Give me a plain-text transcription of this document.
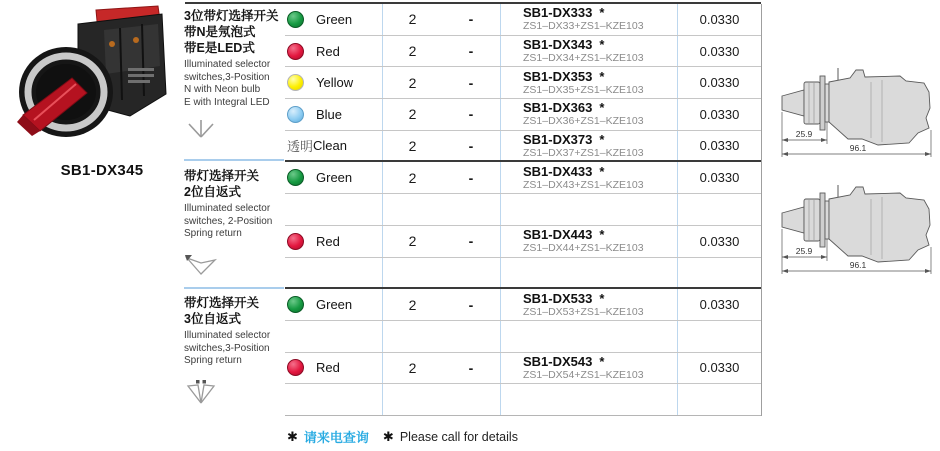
SB1-DX345
3位带灯选择开关
带N是氖泡式
带E是LED式
Illuminated selector
switches,3-Position
N with Neon bulb
E with Integral LED
带灯选择开关
2位自返式
Illuminated selector
switches, 2-Position
Spring return
带灯选择开关
3位自返式
Illuminated selector
switches,3-Position
Spring return
Green	2	-	SB1-DX333 *
ZS1–DX33+ZS1–KZE103	0.0330
Red	2	-	SB1-DX343 *
ZS1–DX34+ZS1–KZE103	0.0330
Yellow	2	-	SB1-DX353 *
ZS1–DX35+ZS1–KZE103	0.0330
Blue	2	-	SB1-DX363 *
ZS1–DX36+ZS1–KZE103	0.0330
透明 Clean	2	-	SB1-DX373 *
ZS1–DX37+ZS1–KZE103	0.0330
Green	2	-	SB1-DX433 *
ZS1–DX43+ZS1–KZE103	0.0330
Red	2	-	SB1-DX443 *
ZS1–DX44+ZS1–KZE103	0.0330
Green	2	-	SB1-DX533 *
ZS1–DX53+ZS1–KZE103	0.0330
Red	2	-	SB1-DX543 *
ZS1–DX54+ZS1–KZE103	0.0330
25.9
96.1
25.9
96.1
✱ 请来电查询 ✱ Please call for details
